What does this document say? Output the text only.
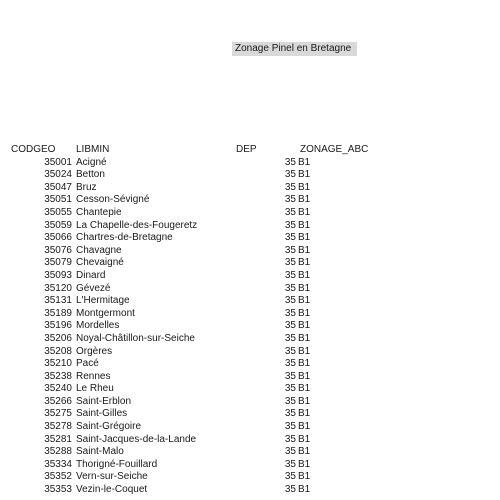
Zonage Pinel en Bretagne
CODGEO LIBMIN	DEP	ZONAGE_ABC
35001 Acigné	35 B1
35024 Betton	35 B1
35047 Bruz	35 B1
35051 Cesson-Sévigné	35 B1
35055 Chantepie	35 B1
35059 La Chapelle-des-Fougeretz	35 B1
35066 Chartres-de-Bretagne	35 B1
35076 Chavagne	35 B1
35079 Chevaigné	35 B1
35093 Dinard	35 B1
35120 Gévezé	35 B1
35131 L'Hermitage	35 B1
35189 Montgermont	35 B1
35196 Mordelles	35 B1
35206 Noyal-Châtillon-sur-Seiche	35 B1
35208 Orgères	35 B1
35210 Pacé	35 B1
35238 Rennes	35 B1
35240 Le Rheu	35 B1
35266 Saint-Erblon	35 B1
35275 Saint-Gilles	35 B1
35278 Saint-Grégoire	35 B1
35281 Saint-Jacques-de-la-Lande	35 B1
35288 Saint-Malo	35 B1
35334 Thorigné-Fouillard	35 B1
35352 Vern-sur-Seiche	35 B1
35353 Vezin-le-Coquet	35 B1
